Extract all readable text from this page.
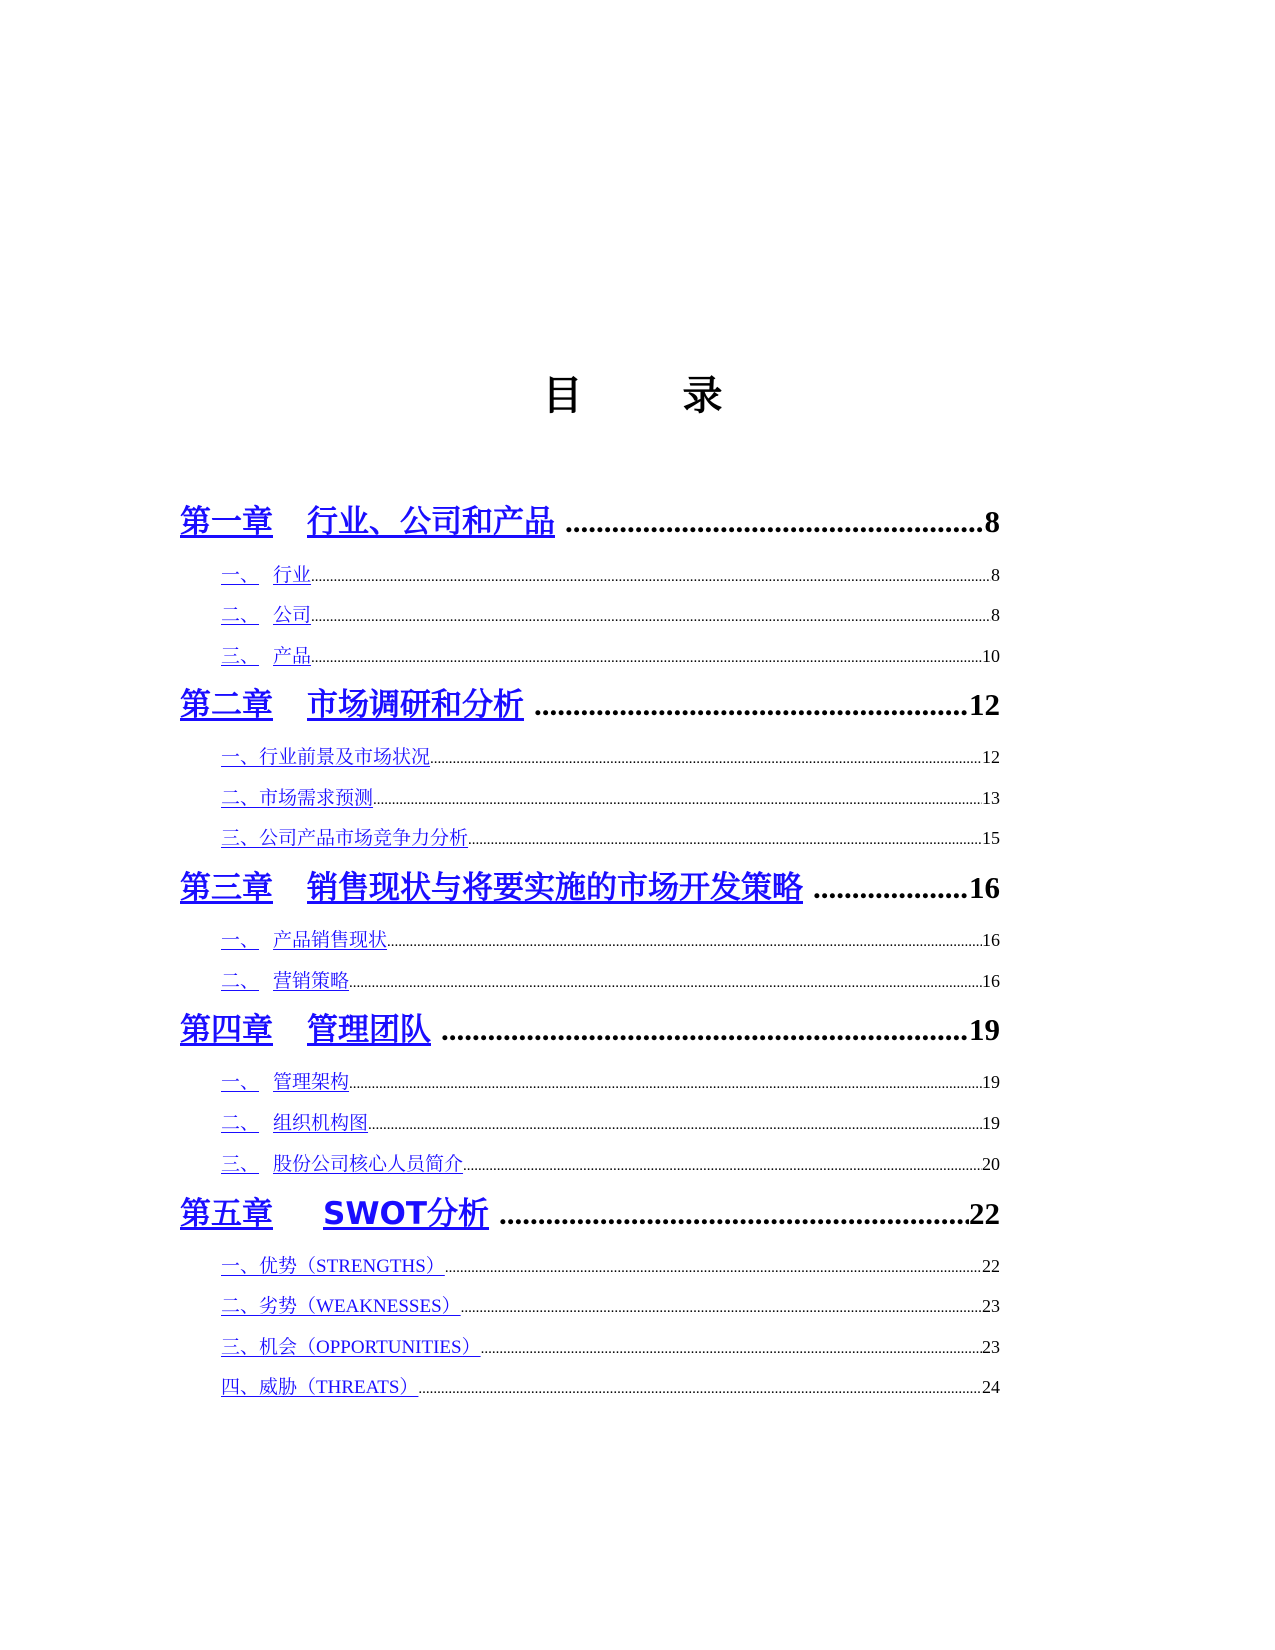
目　录
第一章 行业、公司和产品 .....	8
一、 行业 .....	8
二、 公司 .....	8
三、 产品 .....	10
第二章 市场调研和分析 .....	12
一、 行业前景及市场状况 .....	12
二、 市场需求预测 .....	13
三、 公司产品市场竞争力分析 .....	15
第三章 销售现状与将要实施的市场开发策略 .....	16
一、 产品销售现状 .....	16
二、 营销策略 .....	16
第四章 管理团队 .....	19
一、 管理架构 .....	19
二、 组织机构图 .....	19
三、 股份公司核心人员简介 .....	20
第五章 SWOT分析 .....	22
一、 优势（STRENGTHS） .....	22
二、 劣势（WEAKNESSES） .....	23
三、 机会（OPPORTUNITIES） .....	23
四、 威胁（THREATS） .....	24
